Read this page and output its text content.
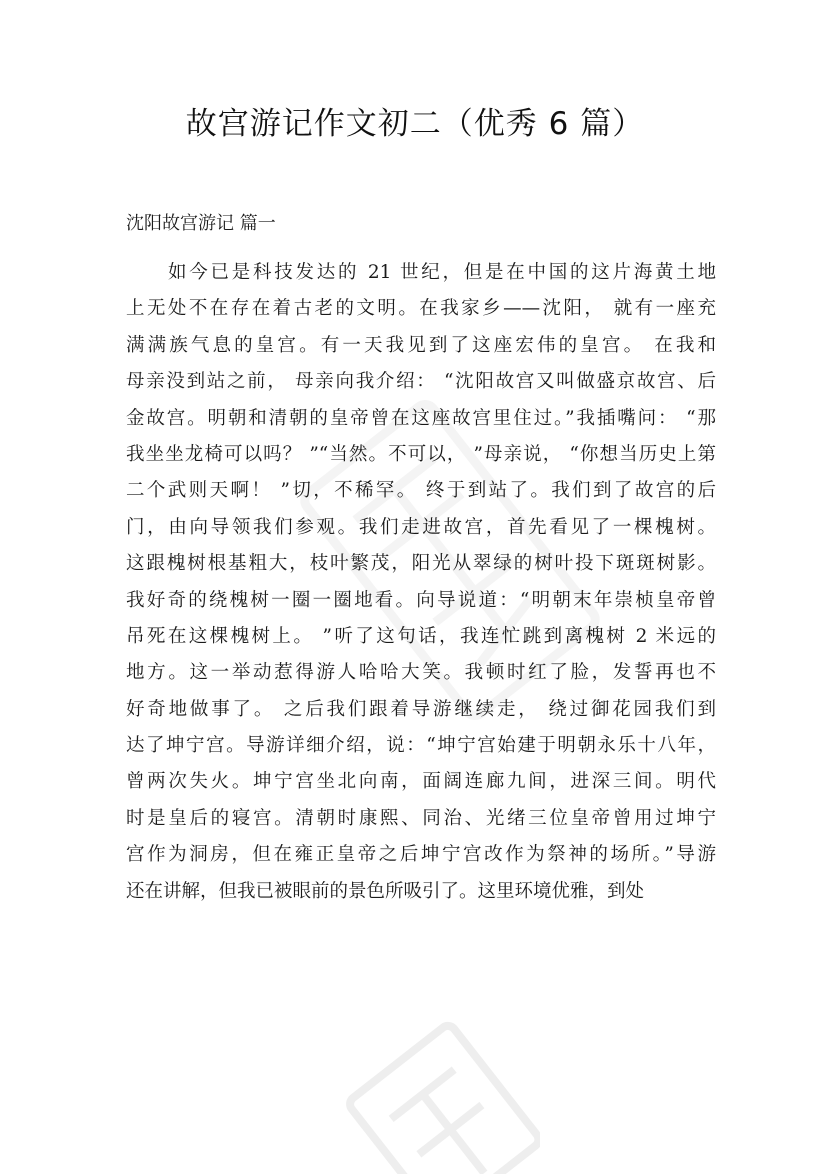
故宫游记作文初二（优秀 6 篇）
沈阳故宫游记 篇一
如今已是科技发达的 21 世纪，但是在中国的这片海黄土地
上无处不在存在着古老的文明。在我家乡——沈阳， 就有一座充
满满族气息的皇宫。有一天我见到了这座宏伟的皇宫。 在我和
母亲没到站之前， 母亲向我介绍： “沈阳故宫又叫做盛京故宫、后
金故宫。明朝和清朝的皇帝曾在这座故宫里住过。”我插嘴问： “那
我坐坐龙椅可以吗？ ”“当然。不可以， ”母亲说， “你想当历史上第
二个武则天啊！ ”切，不稀罕。 终于到站了。我们到了故宫的后
门，由向导领我们参观。我们走进故宫，首先看见了一棵槐树。
这跟槐树根基粗大，枝叶繁茂，阳光从翠绿的树叶投下斑斑树影。
我好奇的绕槐树一圈一圈地看。向导说道：“明朝末年崇桢皇帝曾
吊死在这棵槐树上。 ”听了这句话，我连忙跳到离槐树 2 米远的
地方。这一举动惹得游人哈哈大笑。我顿时红了脸，发誓再也不
好奇地做事了。 之后我们跟着导游继续走， 绕过御花园我们到
达了坤宁宫。导游详细介绍，说：“坤宁宫始建于明朝永乐十八年，
曾两次失火。坤宁宫坐北向南，面阔连廊九间，进深三间。明代
时是皇后的寝宫。清朝时康熙、同治、光绪三位皇帝曾用过坤宁
宫作为洞房，但在雍正皇帝之后坤宁宫改作为祭神的场所。”导游
还在讲解，但我已被眼前的景色所吸引了。这里环境优雅，到处
